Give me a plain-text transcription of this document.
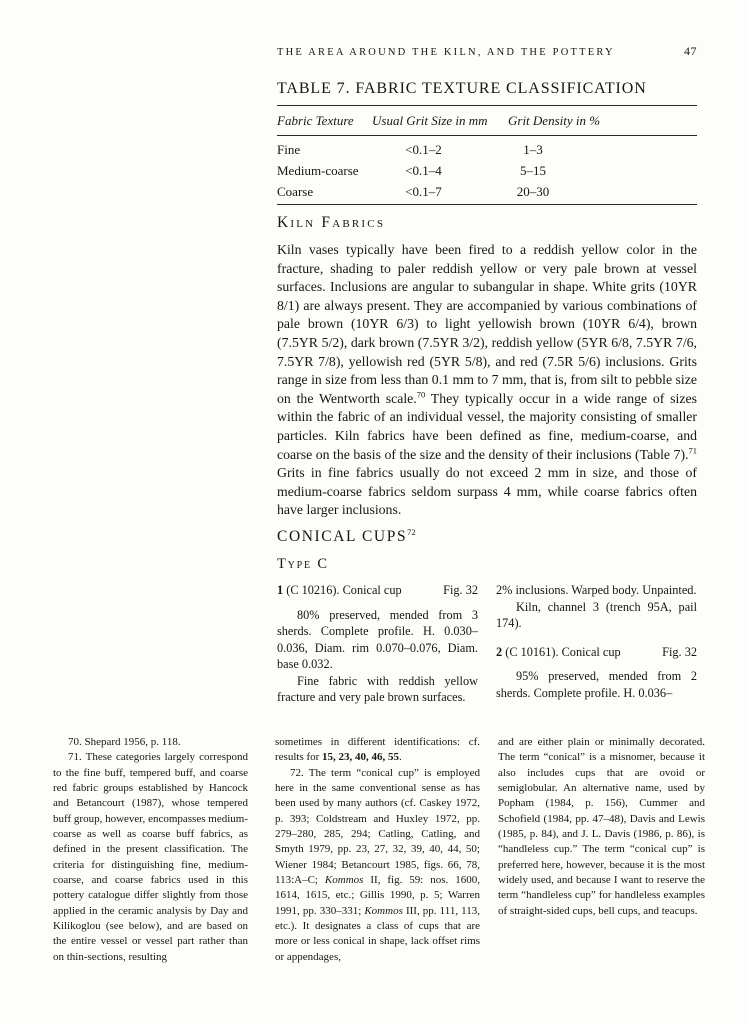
THE AREA AROUND THE KILN, AND THE POTTERY	47
TABLE 7. FABRIC TEXTURE CLASSIFICATION
Fabric Texture	Usual Grit Size in mm	Grit Density in %
Fine	<0.1–2	1–3
Medium-coarse	<0.1–4	5–15
Coarse	<0.1–7	20–30
Kiln Fabrics

Kiln vases typically have been fired to a reddish yellow color in the fracture, shading to paler reddish yellow or very pale brown at vessel surfaces. Inclusions are angular to subangular in shape. White grits (10YR 8/1) are always present. They are accompanied by various combinations of pale brown (10YR 6/3) to light yellowish brown (10YR 6/4), brown (7.5YR 5/2), dark brown (7.5YR 3/2), reddish yellow (5YR 6/8, 7.5YR 7/6, 7.5YR 7/8), yellowish red (5YR 5/8), and red (7.5R 5/6) inclusions. Grits range in size from less than 0.1 mm to 7 mm, that is, from silt to pebble size on the Wentworth scale.$^{70}$ They typically occur in a wide range of sizes within the fabric of an individual vessel, the majority consisting of smaller particles. Kiln fabrics have been defined as fine, medium-coarse, and coarse on the basis of the size and the density of their inclusions (Table 7).$^{71}$ Grits in fine fabrics usually do not exceed 2 mm in size, and those of medium-coarse fabrics seldom surpass 4 mm, while coarse fabrics often have larger inclusions.

CONICAL CUPS$^{72}$
Type C
1 (C 10216). Conical cup	Fig. 32

80% preserved, mended from 3 sherds. Complete profile. H. 0.030–0.036, Diam. rim 0.070–0.076, Diam. base 0.032.

Fine fabric with reddish yellow fracture and very pale brown surfaces.

2% inclusions. Warped body. Unpainted.

Kiln, channel 3 (trench 95A, pail 174).

2 (C 10161). Conical cup	Fig. 32

95% preserved, mended from 2 sherds. Complete profile. H. 0.036–

70. Shepard 1956, p. 118.

71. These categories largely correspond to the fine buff, tempered buff, and coarse red fabric groups established by Hancock and Betancourt (1987), whose tempered buff group, however, encompasses medium-coarse as well as coarse buff fabrics, as defined in the present classification. The criteria for distinguishing fine, medium-coarse, and coarse fabrics used in this pottery catalogue differ slightly from those applied in the ceramic analysis by Day and Kilikoglou (see below), and are based on the entire vessel or vessel part rather than on thin-sections, resulting

sometimes in different identifications: cf. results for 15, 23, 40, 46, 55.

72. The term “conical cup” is employed here in the same conventional sense as has been used by many authors (cf. Caskey 1972, p. 393; Coldstream and Huxley 1972, pp. 279–280, 285, 294; Catling, Catling, and Smyth 1979, pp. 23, 27, 32, 39, 40, 44, 50; Wiener 1984; Betancourt 1985, figs. 66, 78, 113:A–C; Kommos II, fig. 59: nos. 1600, 1614, 1615, etc.; Gillis 1990, p. 5; Warren 1991, pp. 330–331; Kommos III, pp. 111, 113, etc.). It designates a class of cups that are more or less conical in shape, lack offset rims or appendages,

and are either plain or minimally decorated. The term “conical” is a misnomer, because it also includes cups that are ovoid or semiglobular. An alternative name, used by Popham (1984, p. 156), Cummer and Schofield (1984, pp. 47–48), Davis and Lewis (1985, p. 84), and J. L. Davis (1986, p. 86), is “handleless cup.” The term “conical cup” is preferred here, however, because it is the most widely used, and because I want to reserve the term “handleless cup” for handleless examples of straight-sided cups, bell cups, and teacups.
